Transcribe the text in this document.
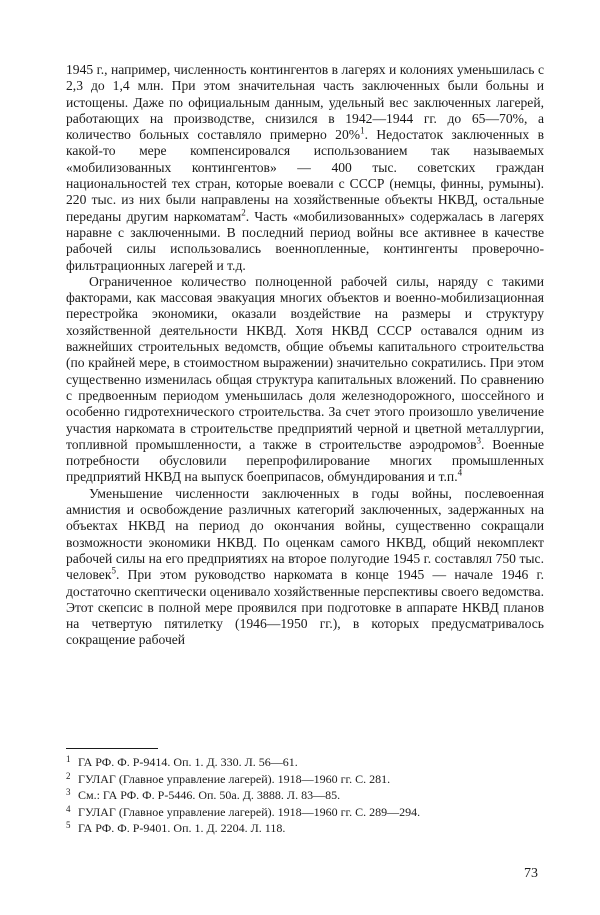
1945 г., например, численность контингентов в лагерях и колониях уменьшилась с 2,3 до 1,4 млн. При этом значительная часть заключенных были больны и истощены. Даже по официальным данным, удельный вес заключенных лагерей, работающих на производстве, снизился в 1942—1944 гг. до 65—70%, а количество больных составляло примерно 20%$^1$. Недостаток заключенных в какой-то мере компенсировался использованием так называемых «мобилизованных контингентов» — 400 тыс. советских граждан национальностей тех стран, которые воевали с СССР (немцы, финны, румыны). 220 тыс. из них были направлены на хозяйственные объекты НКВД, остальные переданы другим наркоматам$^2$. Часть «мобилизованных» содержалась в лагерях наравне с заключенными. В последний период войны все активнее в качестве рабочей силы использовались военнопленные, контингенты проверочно-фильтрационных лагерей и т.д.

Ограниченное количество полноценной рабочей силы, наряду с такими факторами, как массовая эвакуация многих объектов и военно-мобилизационная перестройка экономики, оказали воздействие на размеры и структуру хозяйственной деятельности НКВД. Хотя НКВД СССР оставался одним из важнейших строительных ведомств, общие объемы капитального строительства (по крайней мере, в стоимостном выражении) значительно сократились. При этом существенно изменилась общая структура капитальных вложений. По сравнению с предвоенным периодом уменьшилась доля железнодорожного, шоссейного и особенно гидротехнического строительства. За счет этого произошло увеличение участия наркомата в строительстве предприятий черной и цветной металлургии, топливной промышленности, а также в строительстве аэродромов$^3$. Военные потребности обусловили перепрофилирование многих промышленных предприятий НКВД на выпуск боеприпасов, обмундирования и т.п.$^4$

Уменьшение численности заключенных в годы войны, послевоенная амнистия и освобождение различных категорий заключенных, задержанных на объектах НКВД на период до окончания войны, существенно сокращали возможности экономики НКВД. По оценкам самого НКВД, общий некомплект рабочей силы на его предприятиях на второе полугодие 1945 г. составлял 750 тыс. человек$^5$. При этом руководство наркомата в конце 1945 — начале 1946 г. достаточно скептически оценивало хозяйственные перспективы своего ведомства. Этот скепсис в полной мере проявился при подготовке в аппарате НКВД планов на четвертую пятилетку (1946—1950 гг.), в которых предусматривалось сокращение рабочей

1 ГА РФ. Ф. Р-9414. Оп. 1. Д. 330. Л. 56—61.
2 ГУЛАГ (Главное управление лагерей). 1918—1960 гг. С. 281.
3 См.: ГА РФ. Ф. Р-5446. Оп. 50а. Д. 3888. Л. 83—85.
4 ГУЛАГ (Главное управление лагерей). 1918—1960 гг. С. 289—294.
5 ГА РФ. Ф. Р-9401. Оп. 1. Д. 2204. Л. 118.
73
